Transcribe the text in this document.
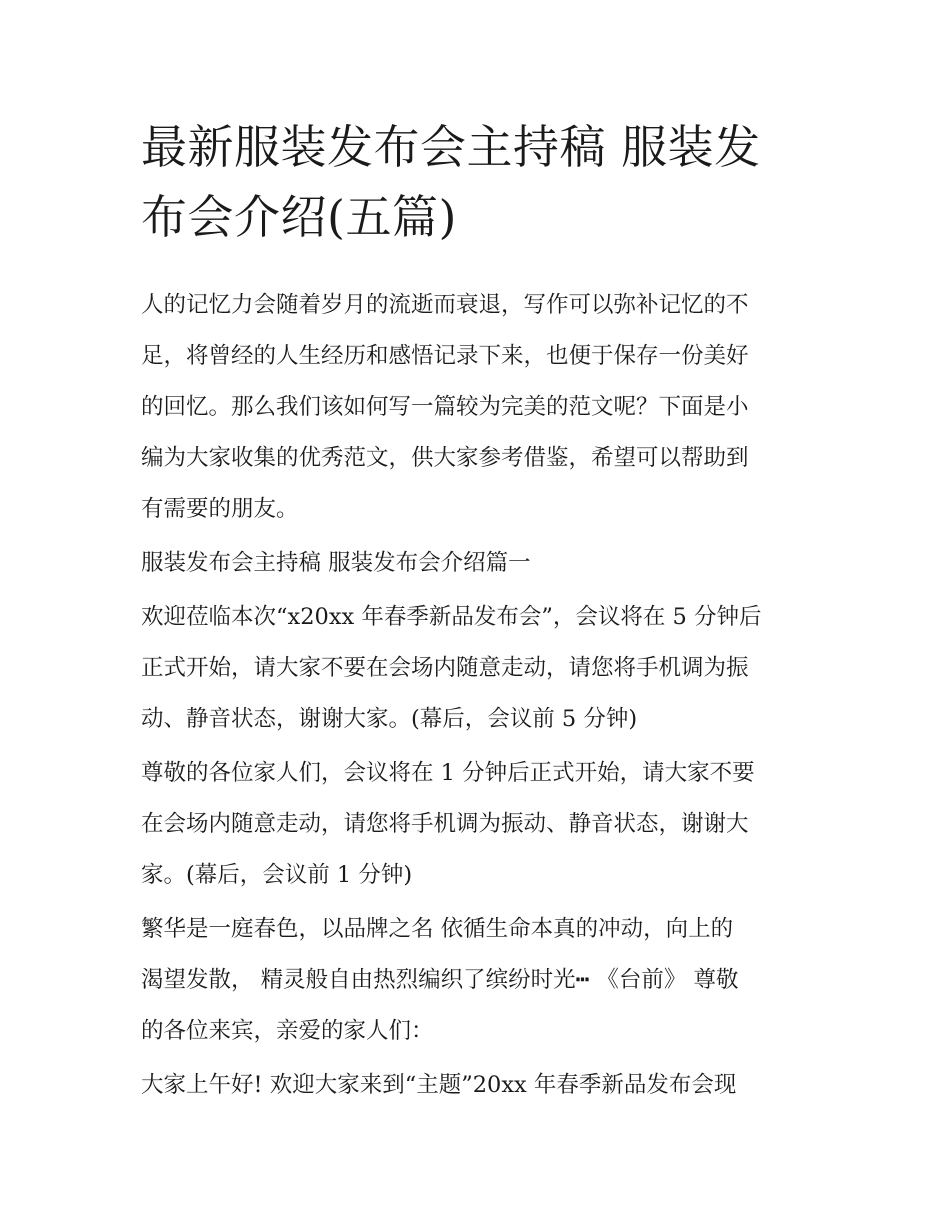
最新服装发布会主持稿 服装发
布会介绍(五篇)

人的记忆力会随着岁月的流逝而衰退，写作可以弥补记忆的不
足，将曾经的人生经历和感悟记录下来，也便于保存一份美好
的回忆。那么我们该如何写一篇较为完美的范文呢？下面是小
编为大家收集的优秀范文，供大家参考借鉴，希望可以帮助到
有需要的朋友。

服装发布会主持稿 服装发布会介绍篇一

欢迎莅临本次“x20xx 年春季新品发布会”，会议将在 5 分钟后
正式开始，请大家不要在会场内随意走动，请您将手机调为振
动、静音状态，谢谢大家。(幕后，会议前 5 分钟)

尊敬的各位家人们，会议将在 1 分钟后正式开始，请大家不要
在会场内随意走动，请您将手机调为振动、静音状态，谢谢大
家。(幕后，会议前 1 分钟)

繁华是一庭春色，以品牌之名 依循生命本真的冲动，向上的
渴望发散， 精灵般自由热烈编织了缤纷时光┅ 《台前》 尊敬
的各位来宾，亲爱的家人们：

大家上午好! 欢迎大家来到“主题”20xx 年春季新品发布会现
